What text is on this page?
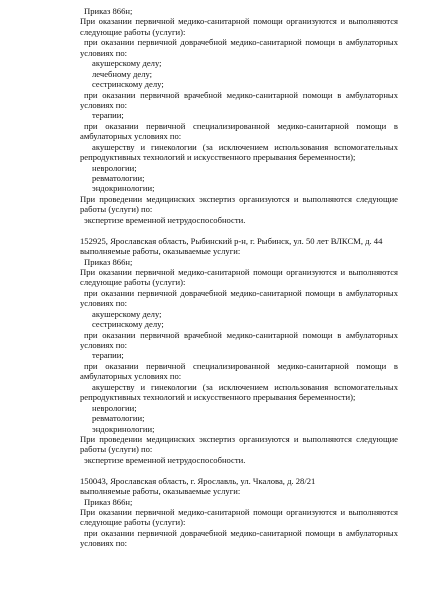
Приказ 866н;
При оказании первичной медико-санитарной помощи организуются и выполняются
следующие работы (услуги):
при оказании первичной доврачебной медико-санитарной помощи в амбулаторных
условиях по:
акушерскому делу;
лечебному делу;
сестринскому делу;
при оказании первичной врачебной медико-санитарной помощи в амбулаторных
условиях по:
терапии;
при оказании первичной специализированной медико-санитарной помощи в
амбулаторных условиях по:
акушерству и гинекологии (за исключением использования вспомогательных
репродуктивных технологий и искусственного прерывания беременности);
неврологии;
ревматологии;
эндокринологии;
При проведении медицинских экспертиз организуются и выполняются следующие
работы (услуги) по:
экспертизе временной нетрудоспособности.
152925, Ярославская область, Рыбинский р-н, г. Рыбинск, ул. 50 лет ВЛКСМ, д. 44
выполняемые работы, оказываемые услуги:
Приказ 866н;
При оказании первичной медико-санитарной помощи организуются и выполняются
следующие работы (услуги):
при оказании первичной доврачебной медико-санитарной помощи в амбулаторных
условиях по:
акушерскому делу;
сестринскому делу;
при оказании первичной врачебной медико-санитарной помощи в амбулаторных
условиях по:
терапии;
при оказании первичной специализированной медико-санитарной помощи в
амбулаторных условиях по:
акушерству и гинекологии (за исключением использования вспомогательных
репродуктивных технологий и искусственного прерывания беременности);
неврологии;
ревматологии;
эндокринологии;
При проведении медицинских экспертиз организуются и выполняются следующие
работы (услуги) по:
экспертизе временной нетрудоспособности.
150043, Ярославская область, г. Ярославль, ул. Чкалова, д. 28/21
выполняемые работы, оказываемые услуги:
Приказ 866н;
При оказании первичной медико-санитарной помощи организуются и выполняются
следующие работы (услуги):
при оказании первичной доврачебной медико-санитарной помощи в амбулаторных
условиях по:
